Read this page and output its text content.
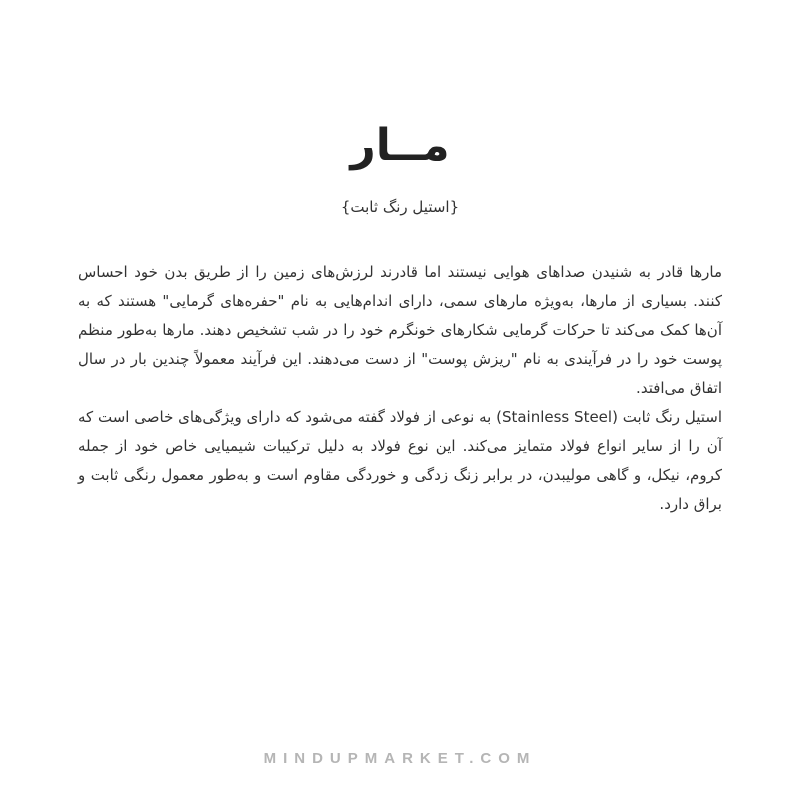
مــار
{استیل رنگ ثابت}

مارها قادر به شنیدن صداهای هوایی نیستند اما قادرند لرزش‌های زمین را از طریق بدن خود احساس کنند. بسیاری از مارها، به‌ویژه مارهای سمی، دارای اندام‌هایی به نام "حفره‌های گرمایی" هستند که به آن‌ها کمک می‌کند تا حرکات گرمایی شکارهای خونگرم خود را در شب تشخیص دهند. مارها به‌طور منظم پوست خود را در فرآیندی به نام "ریزش پوست" از دست می‌دهند. این فرآیند معمولاً چندین بار در سال اتفاق می‌افتد.

استیل رنگ ثابت (Stainless Steel) به نوعی از فولاد گفته می‌شود که دارای ویژگی‌های خاصی است که آن را از سایر انواع فولاد متمایز می‌کند. این نوع فولاد به دلیل ترکیبات شیمیایی خاص خود از جمله کروم، نیکل، و گاهی مولیبدن، در برابر زنگ زدگی و خوردگی مقاوم است و به‌طور معمول رنگی ثابت و براق دارد.

MINDUPMARKET.COM
